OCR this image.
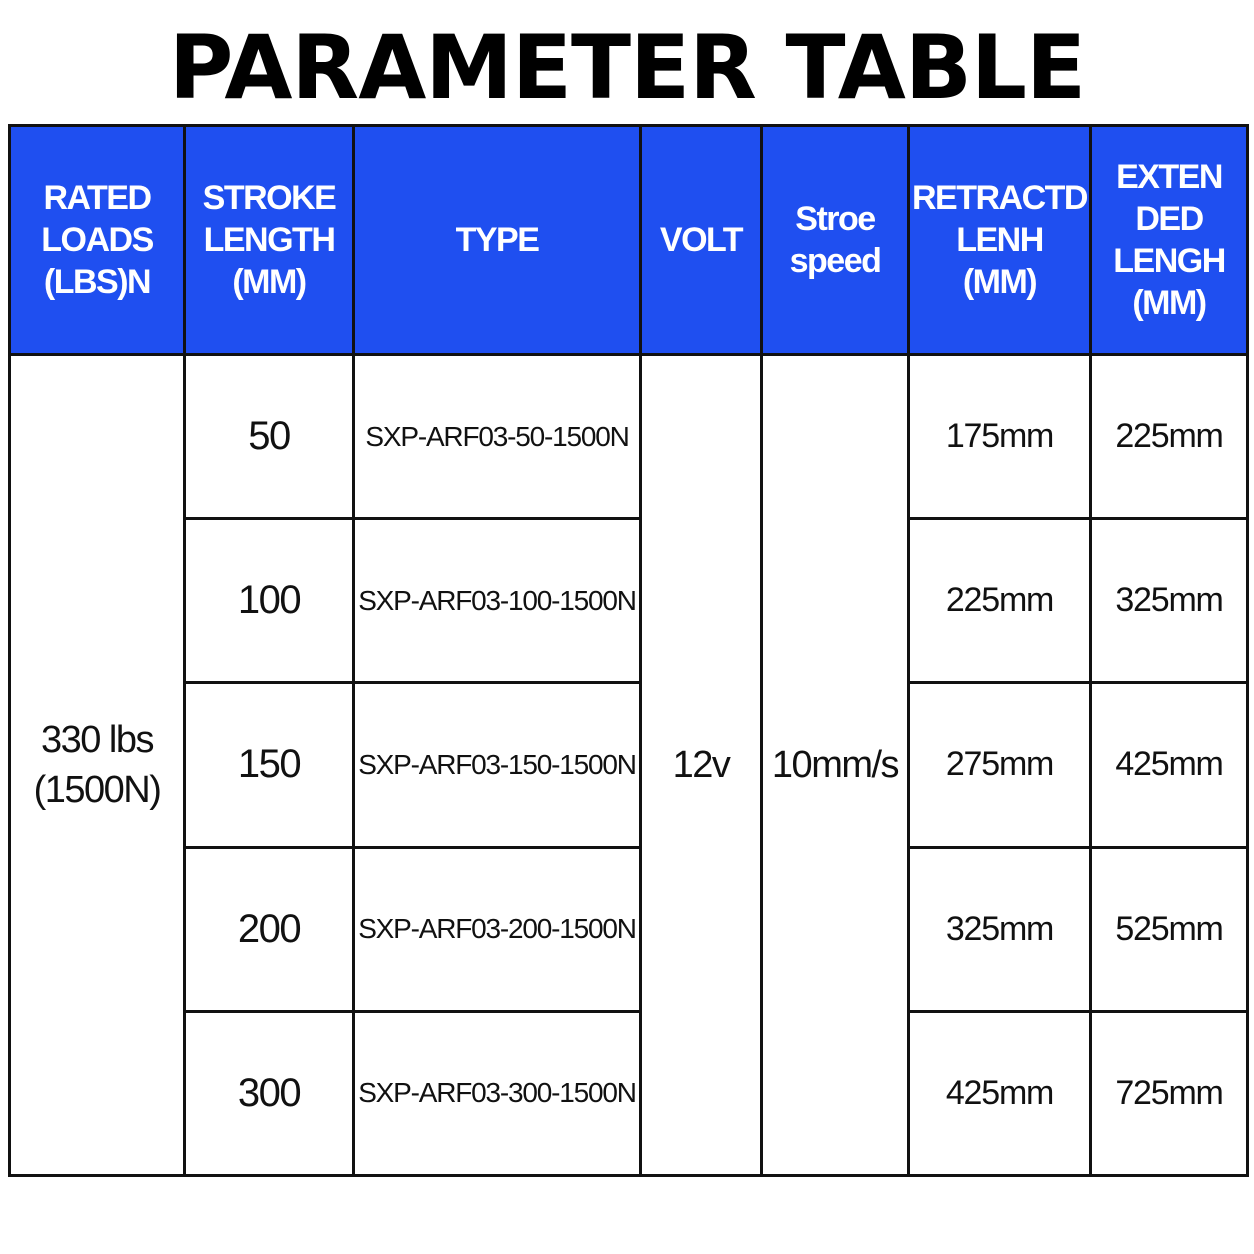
PARAMETER TABLE
RATED
LOADS
(LBS)N	STROKE
LENGTH
(MM)	TYPE	VOLT	Stroe
speed	RETRACTD
LENH
(MM)	EXTEN
DED
LENGH
(MM)

330 lbs
(1500N)	50	SXP-ARF03-50-1500N	12v	10mm/s	175mm	225mm
	100	SXP-ARF03-100-1500N			225mm	325mm
	150	SXP-ARF03-150-1500N			275mm	425mm
	200	SXP-ARF03-200-1500N			325mm	525mm
	300	SXP-ARF03-300-1500N			425mm	725mm
